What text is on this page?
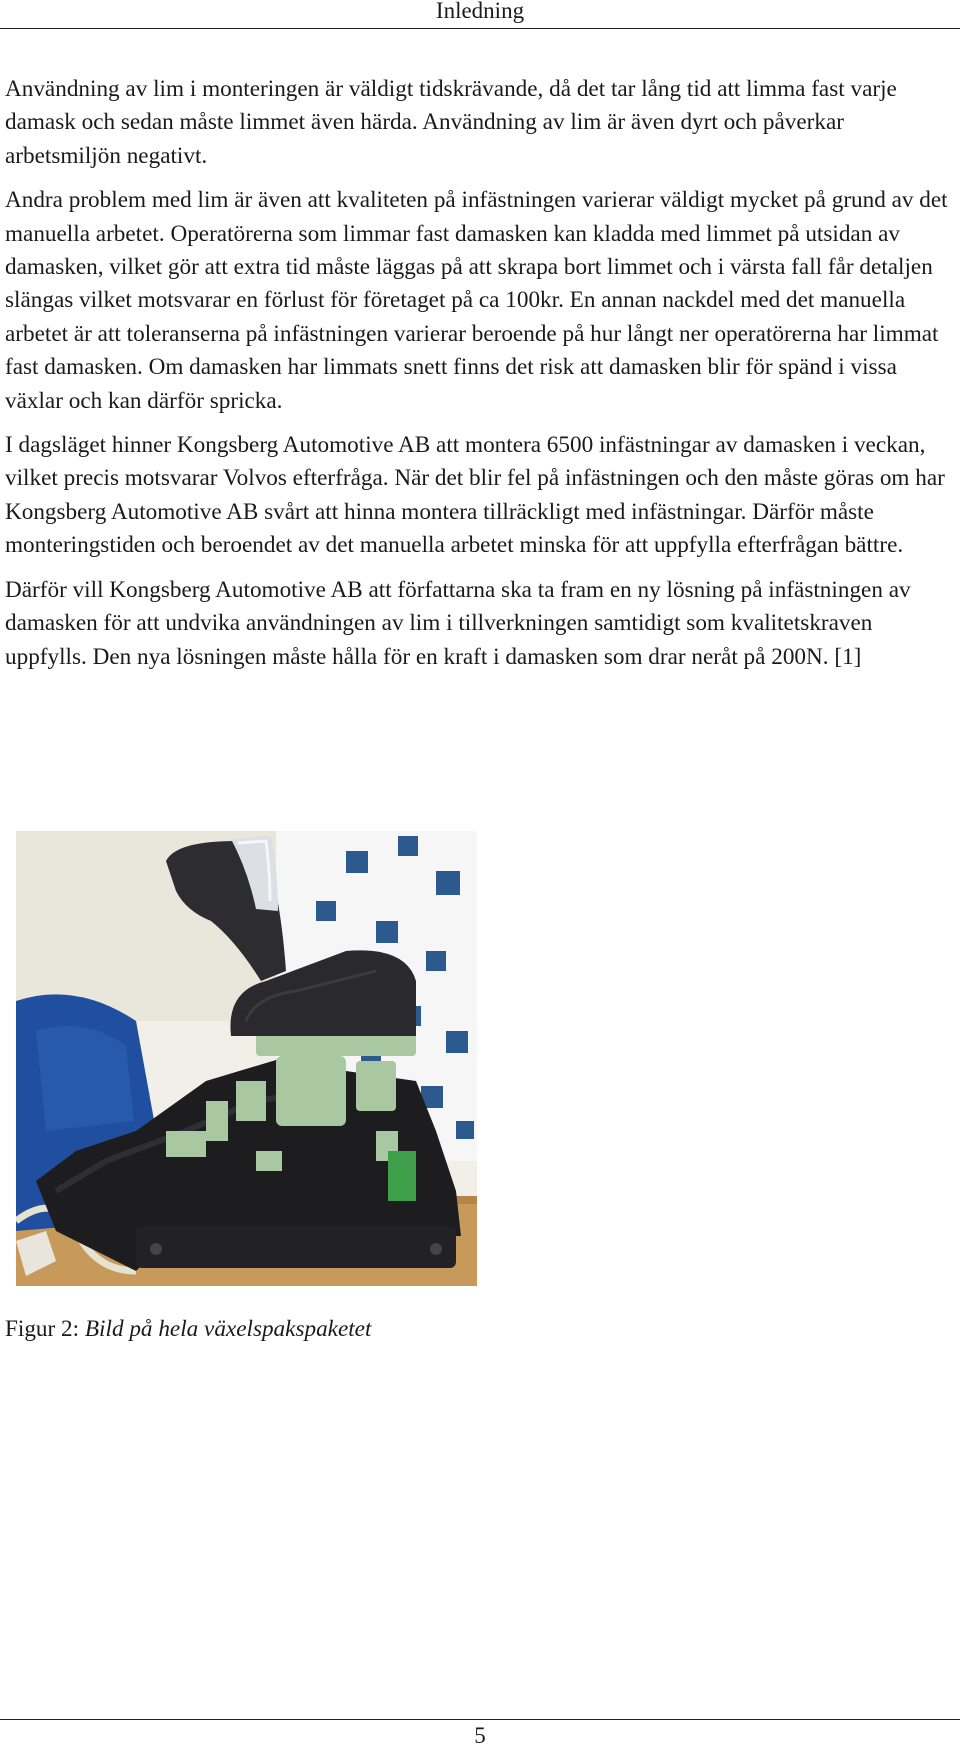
Inledning

Användning av lim i monteringen är väldigt tidskrävande, då det tar lång tid att limma fast varje damask och sedan måste limmet även härda. Användning av lim är även dyrt och påverkar arbetsmiljön negativt.

Andra problem med lim är även att kvaliteten på infästningen varierar väldigt mycket på grund av det manuella arbetet. Operatörerna som limmar fast damasken kan kladda med limmet på utsidan av damasken, vilket gör att extra tid måste läggas på att skrapa bort limmet och i värsta fall får detaljen slängas vilket motsvarar en förlust för företaget på ca 100kr. En annan nackdel med det manuella arbetet är att toleranserna på infästningen varierar beroende på hur långt ner operatörerna har limmat fast damasken. Om damasken har limmats snett finns det risk att damasken blir för spänd i vissa växlar och kan därför spricka.

I dagsläget hinner Kongsberg Automotive AB att montera 6500 infästningar av damasken i veckan, vilket precis motsvarar Volvos efterfråga. När det blir fel på infästningen och den måste göras om har Kongsberg Automotive AB svårt att hinna montera tillräckligt med infästningar. Därför måste monteringstiden och beroendet av det manuella arbetet minska för att uppfylla efterfrågan bättre.

Därför vill Kongsberg Automotive AB att författarna ska ta fram en ny lösning på infästningen av damasken för att undvika användningen av lim i tillverkningen samtidigt som kvalitetskraven uppfylls. Den nya lösningen måste hålla för en kraft i damasken som drar neråt på 200N. [1]

Figur 2: Bild på hela växelspakspaketet
5
